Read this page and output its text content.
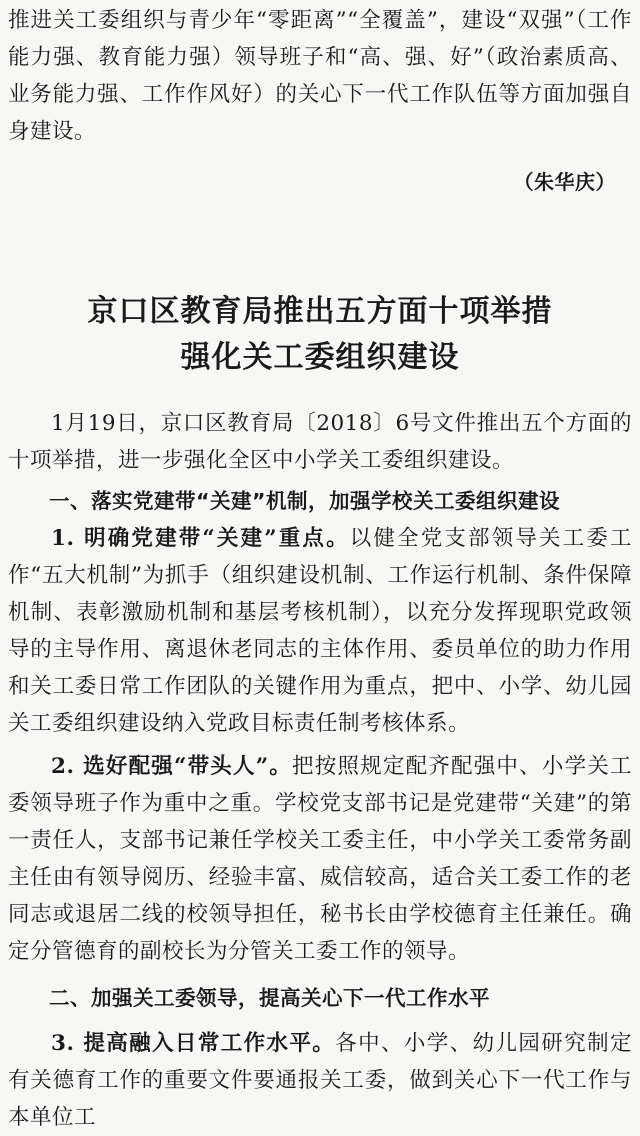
推进关工委组织与青少年“零距离”“全覆盖”，建设“双强”（工作能力强、教育能力强）领导班子和“高、强、好”（政治素质高、业务能力强、工作作风好）的关心下一代工作队伍等方面加强自身建设。

（朱华庆）

京口区教育局推出五方面十项举措
强化关工委组织建设

1月19日，京口区教育局〔2018〕6号文件推出五个方面的十项举措，进一步强化全区中小学关工委组织建设。

一、落实党建带“关建”机制，加强学校关工委组织建设

1. 明确党建带“关建”重点。以健全党支部领导关工委工作“五大机制”为抓手（组织建设机制、工作运行机制、条件保障机制、表彰激励机制和基层考核机制），以充分发挥现职党政领导的主导作用、离退休老同志的主体作用、委员单位的助力作用和关工委日常工作团队的关键作用为重点，把中、小学、幼儿园关工委组织建设纳入党政目标责任制考核体系。

2. 选好配强“带头人”。把按照规定配齐配强中、小学关工委领导班子作为重中之重。学校党支部书记是党建带“关建”的第一责任人，支部书记兼任学校关工委主任，中小学关工委常务副主任由有领导阅历、经验丰富、威信较高，适合关工委工作的老同志或退居二线的校领导担任，秘书长由学校德育主任兼任。确定分管德育的副校长为分管关工委工作的领导。

二、加强关工委领导，提高关心下一代工作水平

3. 提高融入日常工作水平。各中、小学、幼儿园研究制定有关德育工作的重要文件要通报关工委，做到关心下一代工作与本单位工
